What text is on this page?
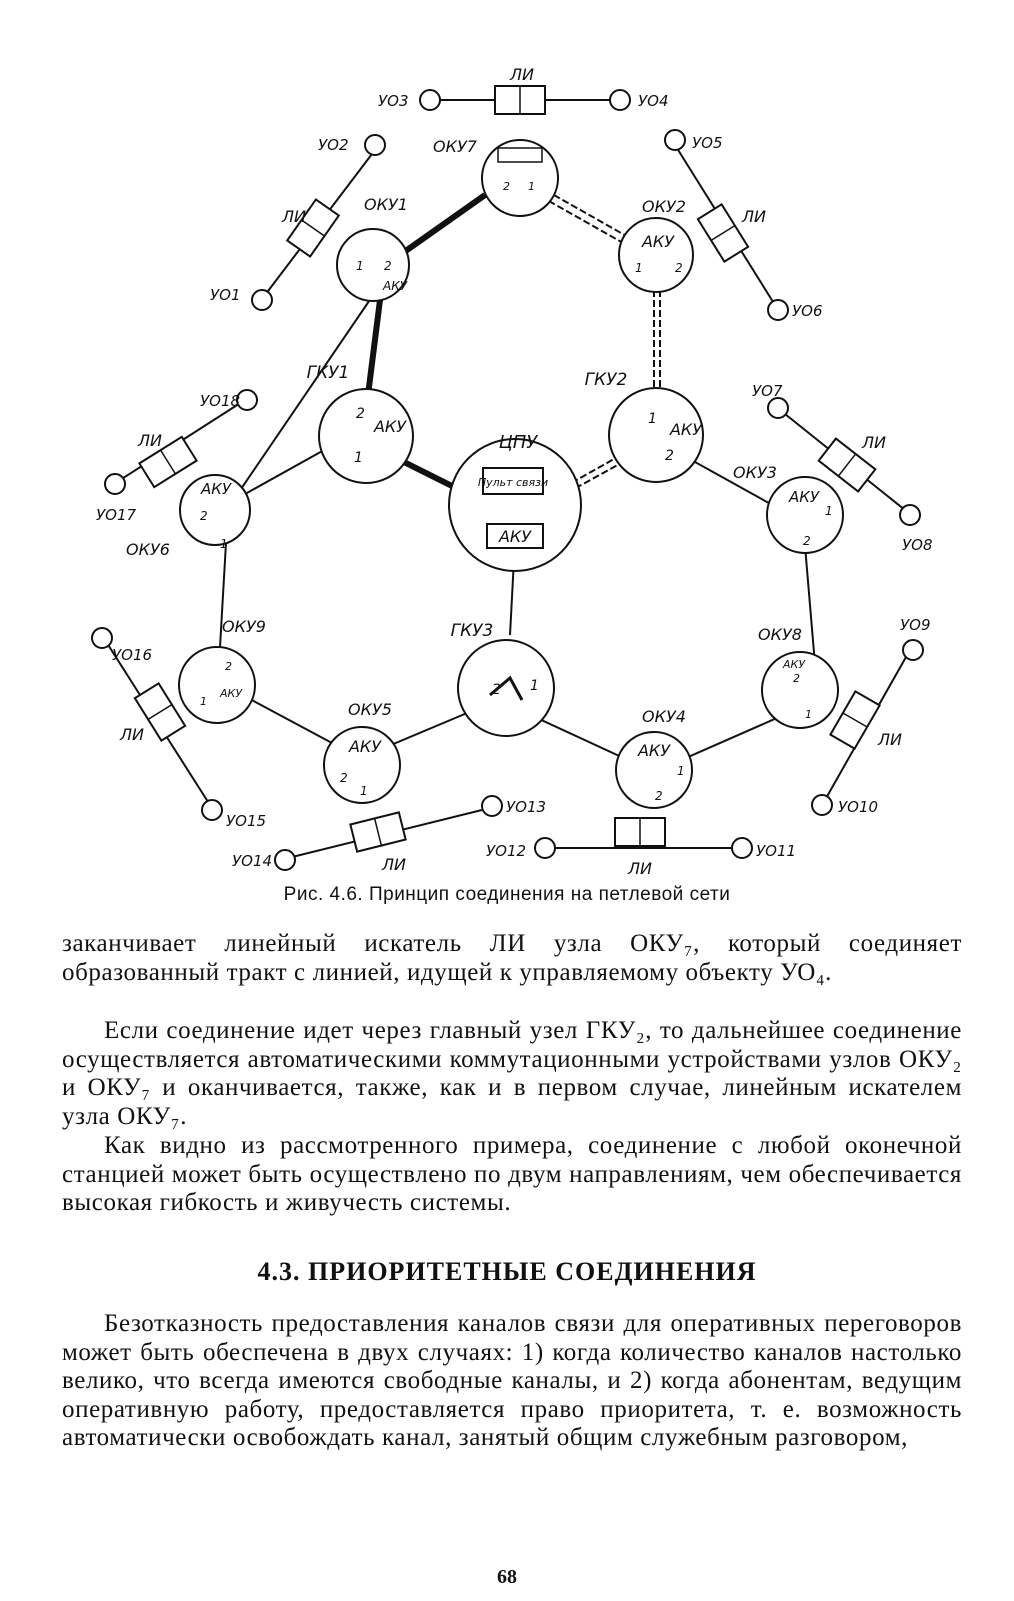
Пульт связи
АКУ
ЦПУ
АКУ
2
1
ГКУ1
АКУ
1
2
ГКУ2
2 1
ГКУ3
АКУ
1 2
ОКУ1
2 1
ОКУ7
АКУ
1	2
ОКУ2
АКУ
2
1
ОКУ6
АКУ
1
2
ОКУ3
АКУ
2
1
ОКУ9
АКУ
2
1
ОКУ8
АКУ
2
1
ОКУ5
АКУ
1
2
ОКУ4
ЛИ
ЛИ	ЛИ
ЛИ	ЛИ
ЛИ	ЛИ
ЛИ	ЛИ
УО1
УО2
УО3	УО4
УО5
УО6
УО7
УО8
УО9
УО10
УО11
УО12
УО13
УО14
УО15
УО16
УО17
УО18
Рис. 4.6. Принцип соединения на петлевой сети

заканчивает линейный искатель ЛИ узла ОКУ₇, который соединяет образованный тракт с линией, идущей к управляемому объекту УО₄.

Если соединение идет через главный узел ГКУ₂, то дальнейшее соединение осуществляется автоматическими коммутационными устройствами узлов ОКУ₂ и ОКУ₇ и оканчивается, также, как и в первом случае, линейным искателем узла ОКУ₇.

Как видно из рассмотренного примера, соединение с любой оконечной станцией может быть осуществлено по двум направлениям, чем обеспечивается высокая гибкость и живучесть системы.

4.3. ПРИОРИТЕТНЫЕ СОЕДИНЕНИЯ

Безотказность предоставления каналов связи для оперативных переговоров может быть обеспечена в двух случаях: 1) когда количество каналов настолько велико, что всегда имеются свободные каналы, и 2) когда абонентам, ведущим оперативную работу, предоставляется право приоритета, т. е. возможность автоматически освобождать канал, занятый общим служебным разговором,

68
